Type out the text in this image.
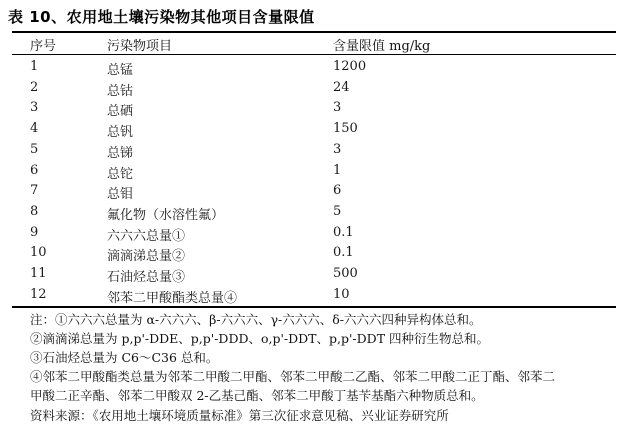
表 10、农用地土壤污染物其他项目含量限值
序号	污染物项目	含量限值 mg/kg
1	总锰	1200
2	总钴	24
3	总硒	3
4	总钒	150
5	总锑	3
6	总铊	1
7	总钼	6
8	氟化物（水溶性氟）	5
9	六六六总量①	0.1
10	滴滴涕总量②	0.1
11	石油烃总量③	500
12	邻苯二甲酸酯类总量④	10
注：①六六六总量为 α-六六六、β-六六六、γ-六六六、δ-六六六四种异构体总和。
②滴滴涕总量为 p,p'-DDE、p,p'-DDD、o,p'-DDT、p,p'-DDT 四种衍生物总和。
③石油烃总量为 C6～C36 总和。
④邻苯二甲酸酯类总量为邻苯二甲酸二甲酯、邻苯二甲酸二乙酯、邻苯二甲酸二正丁酯、邻苯二
甲酸二正辛酯、邻苯二甲酸双 2-乙基己酯、邻苯二甲酸丁基苄基酯六种物质总和。
资料来源：《农用地土壤环境质量标准》第三次征求意见稿、兴业证券研究所
